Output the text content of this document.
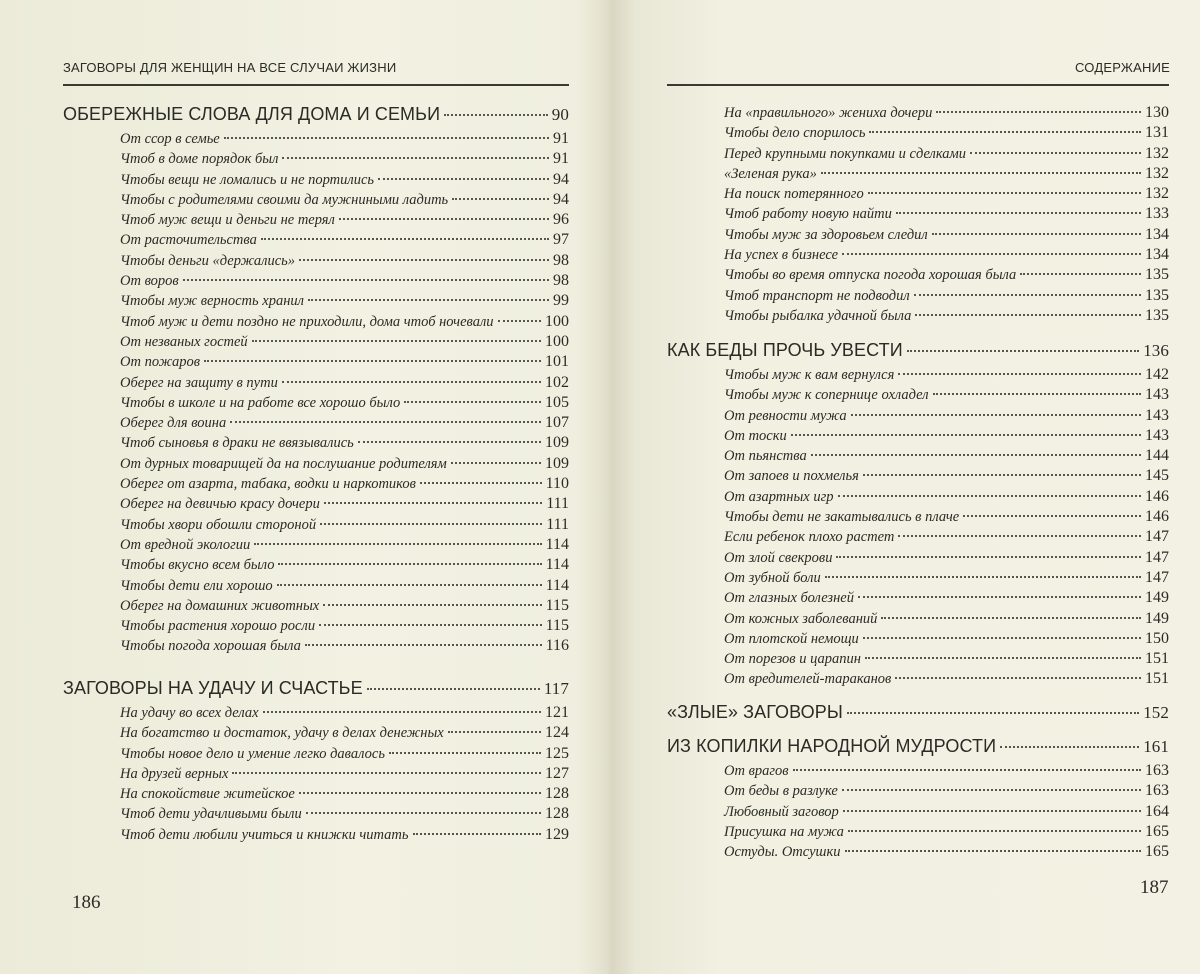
ЗАГОВОРЫ ДЛЯ ЖЕНЩИН НА ВСЕ СЛУЧАИ ЖИЗНИ
ОБЕРЕЖНЫЕ СЛОВА ДЛЯ ДОМА И СЕМЬИ	90
От ссор в семье	91
Чтоб в доме порядок был	91
Чтобы вещи не ломались и не портились	94
Чтобы с родителями своими да мужниными ладить	94
Чтоб муж вещи и деньги не терял	96
От расточительства	97
Чтобы деньги «держались»	98
От воров	98
Чтобы муж верность хранил	99
Чтоб муж и дети поздно не приходили, дома чтоб ночевали	100
От незваных гостей	100
От пожаров	101
Оберег на защиту в пути	102
Чтобы в школе и на работе все хорошо было	105
Оберег для воина	107
Чтоб сыновья в драки не ввязывались	109
От дурных товарищей да на послушание родителям	109
Оберег от азарта, табака, водки и наркотиков	110
Оберег на девичью красу дочери	111
Чтобы хвори обошли стороной	111
От вредной экологии	114
Чтобы вкусно всем было	114
Чтобы дети ели хорошо	114
Оберег на домашних животных	115
Чтобы растения хорошо росли	115
Чтобы погода хорошая была	116
ЗАГОВОРЫ НА УДАЧУ И СЧАСТЬЕ	117
На удачу во всех делах	121
На богатство и достаток, удачу в делах денежных	124
Чтобы новое дело и умение легко давалось	125
На друзей верных	127
На спокойствие житейское	128
Чтоб дети удачливыми были	128
Чтоб дети любили учиться и книжки читать	129
186
СОДЕРЖАНИЕ
На «правильного» жениха дочери	130
Чтобы дело спорилось	131
Перед крупными покупками и сделками	132
«Зеленая рука»	132
На поиск потерянного	132
Чтоб работу новую найти	133
Чтобы муж за здоровьем следил	134
На успех в бизнесе	134
Чтобы во время отпуска погода хорошая была	135
Чтоб транспорт не подводил	135
Чтобы рыбалка удачной была	135
КАК БЕДЫ ПРОЧЬ УВЕСТИ	136
Чтобы муж к вам вернулся	142
Чтобы муж к сопернице охладел	143
От ревности мужа	143
От тоски	143
От пьянства	144
От запоев и похмелья	145
От азартных игр	146
Чтобы дети не закатывались в плаче	146
Если ребенок плохо растет	147
От злой свекрови	147
От зубной боли	147
От глазных болезней	149
От кожных заболеваний	149
От плотской немощи	150
От порезов и царапин	151
От вредителей-тараканов	151
«ЗЛЫЕ» ЗАГОВОРЫ	152
ИЗ КОПИЛКИ НАРОДНОЙ МУДРОСТИ	161
От врагов	163
От беды в разлуке	163
Любовный заговор	164
Присушка на мужа	165
Остуды. Отсушки	165
187
